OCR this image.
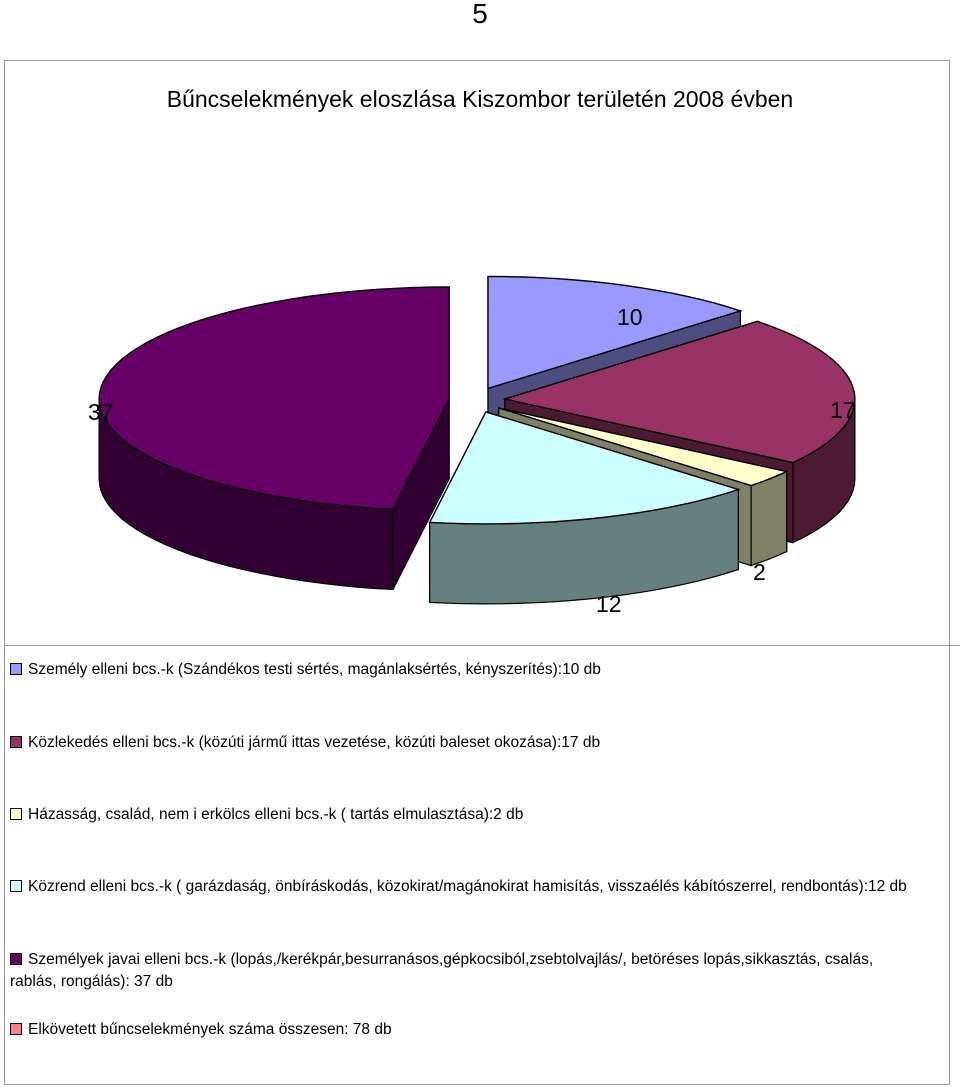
5
Bűncselekmények eloszlása Kiszombor területén 2008 évben
10
17
2
12
37
Személy elleni bcs.-k (Szándékos testi sértés, magánlaksértés, kényszerítés):10 db
Közlekedés elleni bcs.-k (közúti jármű ittas vezetése, közúti baleset okozása):17 db
Házasság, család, nem i erkölcs elleni bcs.-k ( tartás elmulasztása):2 db
Közrend elleni bcs.-k ( garázdaság, önbíráskodás, közokirat/magánokirat hamisítás, visszaélés kábítószerrel, rendbontás):12 db
Személyek javai elleni bcs.-k (lopás,/kerékpár,besurranásos,gépkocsiból,zsebtolvajlás/, betöréses lopás,sikkasztás, csalás,
rablás, rongálás): 37 db
Elkövetett bűncselekmények száma összesen: 78 db
